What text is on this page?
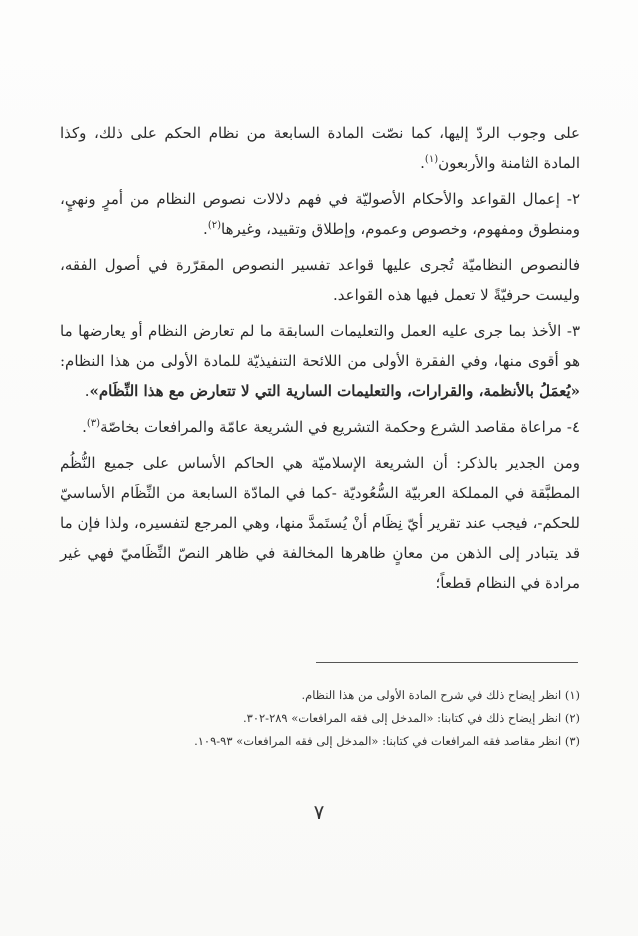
على وجوب الردّ إليها، كما نصّت المادة السابعة من نظام الحكم على ذلك، وكذا المادة الثامنة والأربعون$^{(١)}$.

٢- إعمال القواعد والأحكام الأصوليّة في فهم دلالات نصوص النظام من أمرٍ ونهيٍ، ومنطوق ومفهوم، وخصوص وعموم، وإطلاق وتقييد، وغيرها$^{(٢)}$.

فالنصوص النظاميّة تُجرى عليها قواعد تفسير النصوص المقرّرة في أصول الفقه، وليست حرفيّةً لا تعمل فيها هذه القواعد.

٣- الأخذ بما جرى عليه العمل والتعليمات السابقة ما لم تعارض النظام أو يعارضها ما هو أقوى منها، وفي الفقرة الأولى من اللائحة التنفيذيّة للمادة الأولى من هذا النظام: «يُعمَلُ بالأنظمة، والقرارات، والتعليمات السارية التي لا تتعارض مع هذا النِّظَام».

٤- مراعاة مقاصد الشرع وحكمة التشريع في الشريعة عامّة والمرافعات بخاصّة$^{(٣)}$.

ومن الجدير بالذكر: أن الشريعة الإسلاميّة هي الحاكم الأساس على جميع النُّظُم المطبَّقة في المملكة العربيّة السُّعُوديّة -كما في المادّة السابعة من النِّظَام الأساسيّ للحكم-، فيجب عند تقرير أيّ نِظَام أنْ يُستَمدَّ منها، وهي المرجع لتفسيره، ولذا فإن ما قد يتبادر إلى الذهن من معانٍ ظاهرها المخالفة في ظاهر النصّ النِّظَاميّ فهي غير مرادة في النظام قطعاً؛

(١) انظر إيضاح ذلك في شرح المادة الأولى من هذا النظام.

(٢) انظر إيضاح ذلك في كتابنا: «المدخل إلى فقه المرافعات» ٢٨٩-٣٠٢.

(٣) انظر مقاصد فقه المرافعات في كتابنا: «المدخل إلى فقه المرافعات» ٩٣-١٠٩.

٧
